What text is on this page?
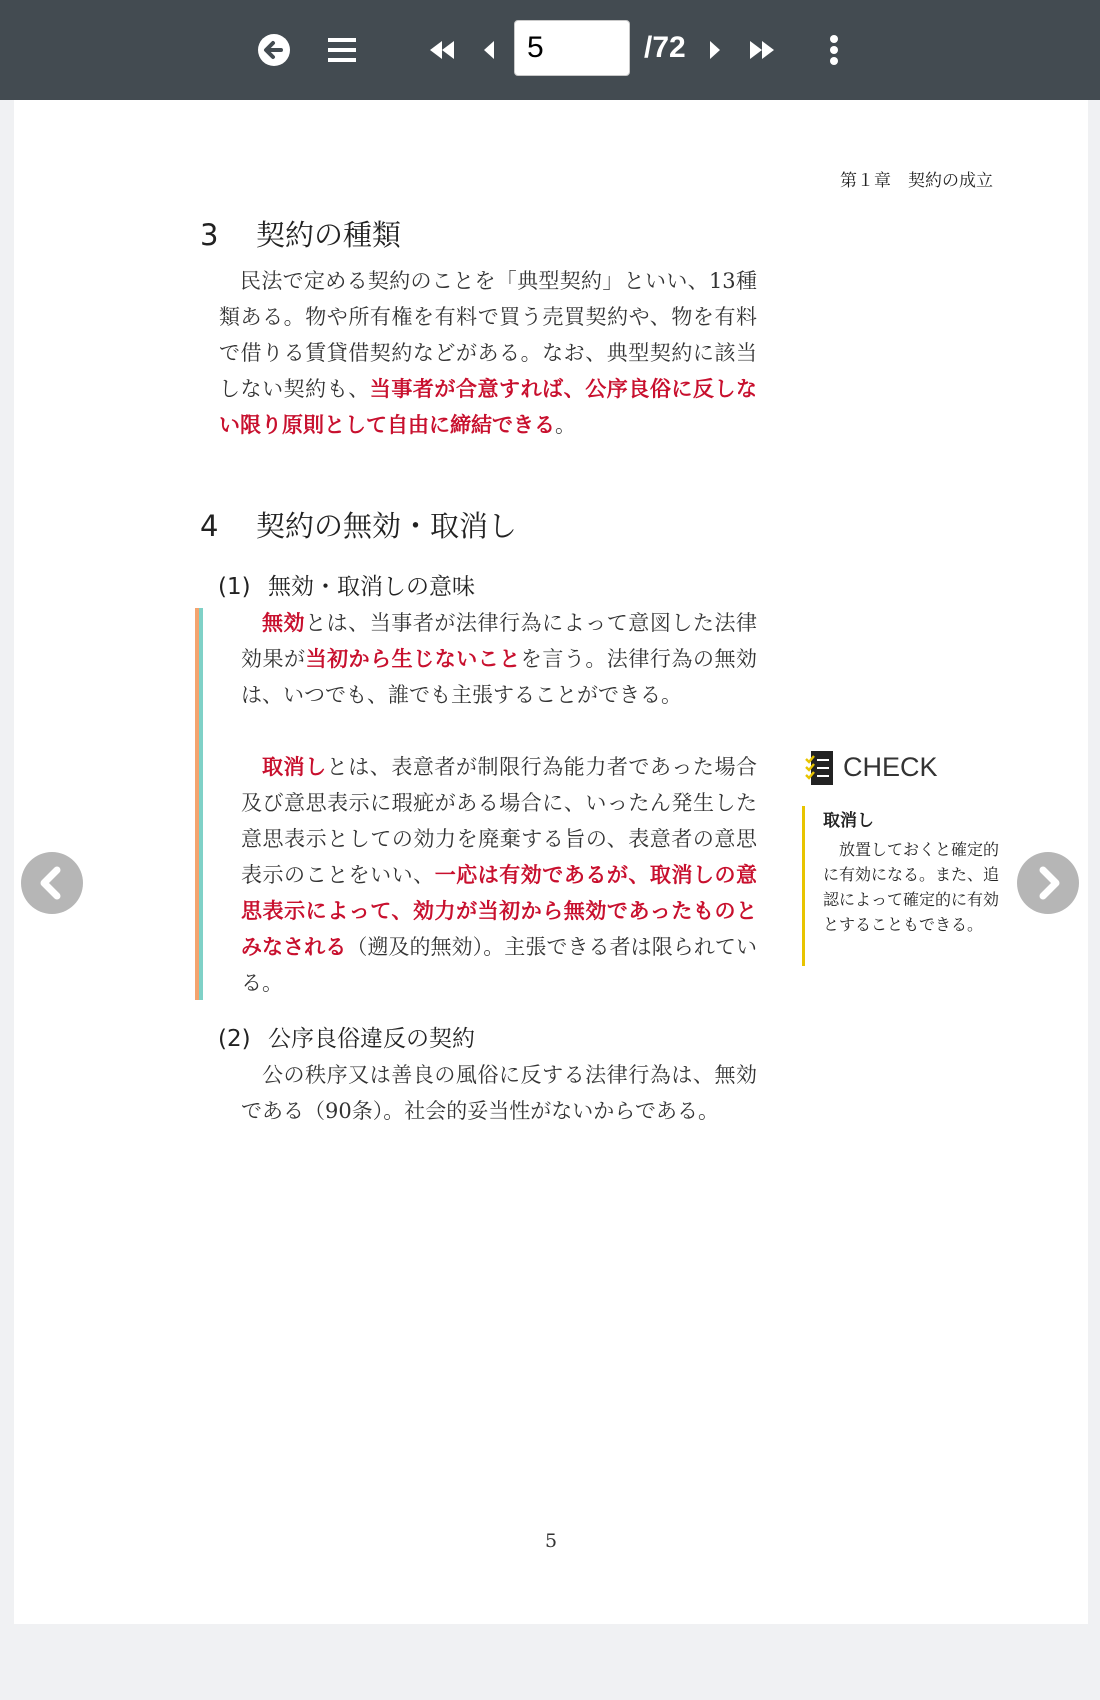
5
/72
第１章　契約の成立
3 契約の種類

民法で定める契約のことを「典型契約」といい、13種類ある。物や所有権を有料で買う売買契約や、物を有料で借りる賃貸借契約などがある。なお、典型契約に該当しない契約も、当事者が合意すれば、公序良俗に反しない限り原則として自由に締結できる。

4 契約の無効・取消し
(1) 無効・取消しの意味

無効とは、当事者が法律行為によって意図した法律効果が当初から生じないことを言う。法律行為の無効は、いつでも、誰でも主張することができる。

取消しとは、表意者が制限行為能力者であった場合及び意思表示に瑕疵がある場合に、いったん発生した意思表示としての効力を廃棄する旨の、表意者の意思表示のことをいい、一応は有効であるが、取消しの意思表示によって、効力が当初から無効であったものとみなされる（遡及的無効）。主張できる者は限られている。

(2) 公序良俗違反の契約

公の秩序又は善良の風俗に反する法律行為は、無効である（90条）。社会的妥当性がないからである。

CHECK

取消し

放置しておくと確定的に有効になる。また、追認によって確定的に有効とすることもできる。

5
